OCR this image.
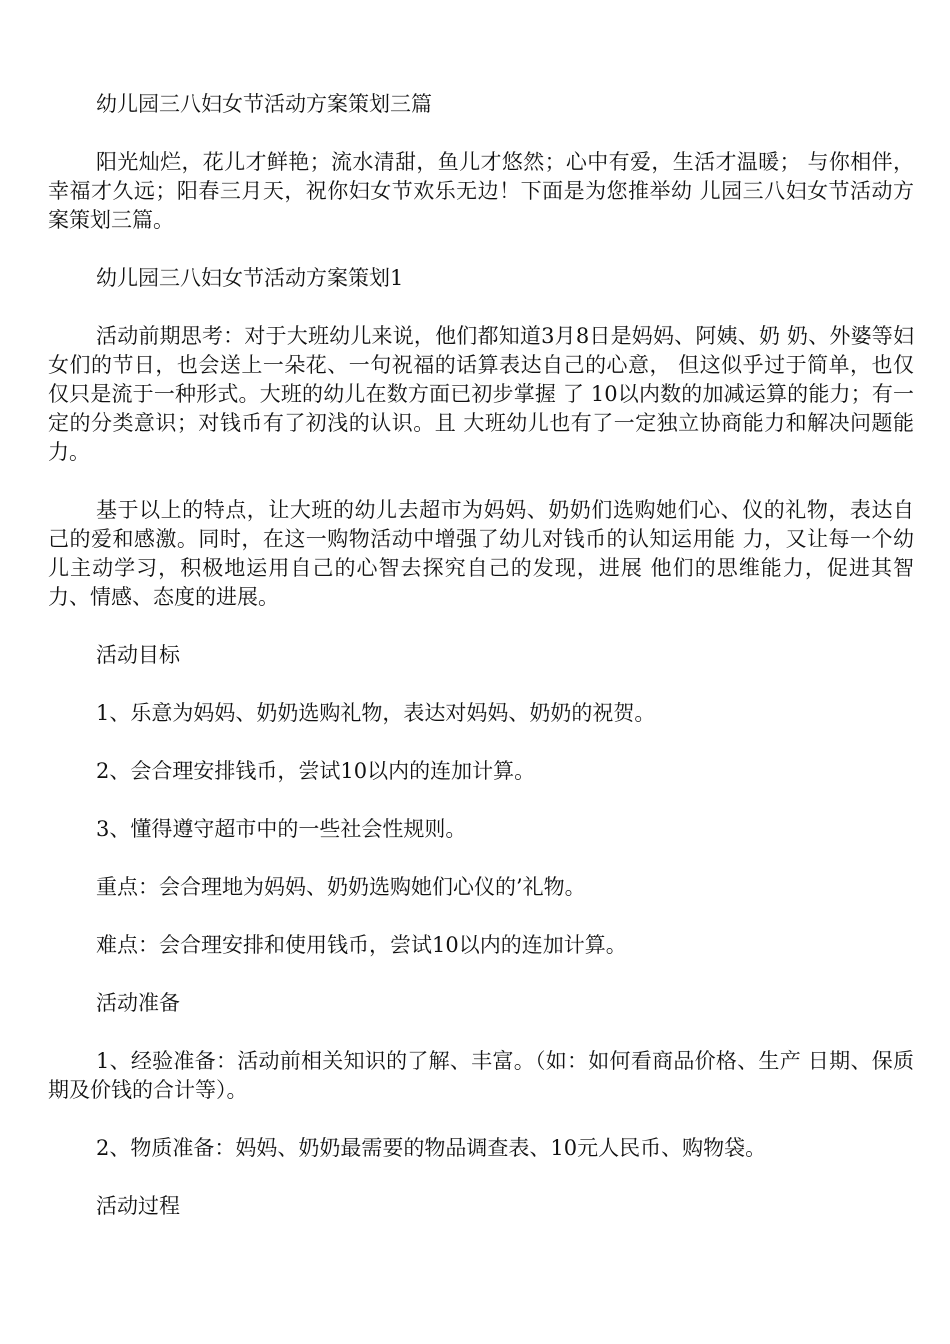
幼儿园三八妇女节活动方案策划三篇

阳光灿烂，花儿才鲜艳；流水清甜，鱼儿才悠然；心中有爱，生活才温暖； 与你相伴，幸福才久远；阳春三月天，祝你妇女节欢乐无边！下面是为您推举幼 儿园三八妇女节活动方案策划三篇。

幼儿园三八妇女节活动方案策划1

活动前期思考：对于大班幼儿来说，他们都知道3月8日是妈妈、阿姨、奶 奶、外婆等妇女们的节日，也会送上一朵花、一句祝福的话算表达自己的心意， 但这似乎过于简单，也仅仅只是流于一种形式。大班的幼儿在数方面已初步掌握 了 10以内数的加减运算的能力；有一定的分类意识；对钱币有了初浅的认识。且 大班幼儿也有了一定独立协商能力和解决问题能力。

基于以上的特点，让大班的幼儿去超市为妈妈、奶奶们选购她们心、仪的礼物，表达自己的爱和感激。同时，在这一购物活动中增强了幼儿对钱币的认知运用能 力，又让每一个幼儿主动学习，积极地运用自己的心智去探究自己的发现，进展 他们的思维能力，促进其智力、情感、态度的进展。

活动目标

1、乐意为妈妈、奶奶选购礼物，表达对妈妈、奶奶的祝贺。

2、会合理安排钱币，尝试10以内的连加计算。

3、懂得遵守超市中的一些社会性规则。

重点：会合理地为妈妈、奶奶选购她们心仪的’礼物。

难点：会合理安排和使用钱币，尝试10以内的连加计算。

活动准备

1、经验准备：活动前相关知识的了解、丰富。（如：如何看商品价格、生产 日期、保质期及价钱的合计等）。

2、物质准备：妈妈、奶奶最需要的物品调查表、10元人民币、购物袋。

活动过程
